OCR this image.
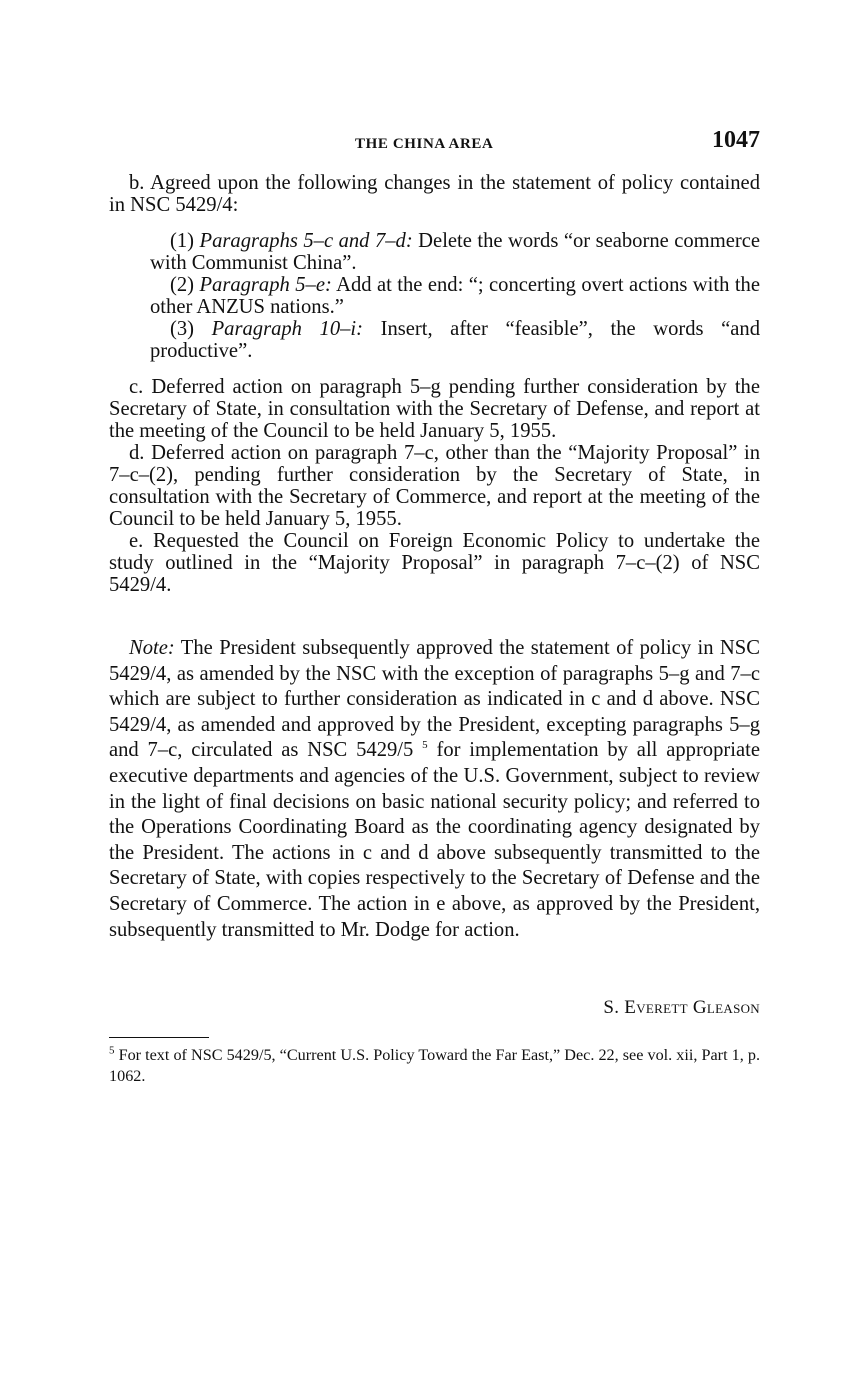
THE CHINA AREA	1047

b. Agreed upon the following changes in the statement of policy contained in NSC 5429/4:

(1) Paragraphs 5–c and 7–d: Delete the words “or seaborne commerce with Communist China”.

(2) Paragraph 5–e: Add at the end: “; concerting overt actions with the other ANZUS nations.”

(3) Paragraph 10–i: Insert, after “feasible”, the words “and productive”.

c. Deferred action on paragraph 5–g pending further consideration by the Secretary of State, in consultation with the Secretary of Defense, and report at the meeting of the Council to be held January 5, 1955.

d. Deferred action on paragraph 7–c, other than the “Majority Proposal” in 7–c–(2), pending further consideration by the Secretary of State, in consultation with the Secretary of Commerce, and report at the meeting of the Council to be held January 5, 1955.

e. Requested the Council on Foreign Economic Policy to undertake the study outlined in the “Majority Proposal” in paragraph 7–c–(2) of NSC 5429/4.

Note: The President subsequently approved the statement of policy in NSC 5429/4, as amended by the NSC with the exception of paragraphs 5–g and 7–c which are subject to further consideration as indicated in c and d above. NSC 5429/4, as amended and approved by the President, excepting paragraphs 5–g and 7–c, circulated as NSC 5429/5 $^5$ for implementation by all appropriate executive departments and agencies of the U.S. Government, subject to review in the light of final decisions on basic national security policy; and referred to the Operations Coordinating Board as the coordinating agency designated by the President. The actions in c and d above subsequently transmitted to the Secretary of State, with copies respectively to the Secretary of Defense and the Secretary of Commerce. The action in e above, as approved by the President, subsequently transmitted to Mr. Dodge for action.

S. Everett Gleason

$^5$ For text of NSC 5429/5, “Current U.S. Policy Toward the Far East,” Dec. 22, see vol. xii, Part 1, p. 1062.
